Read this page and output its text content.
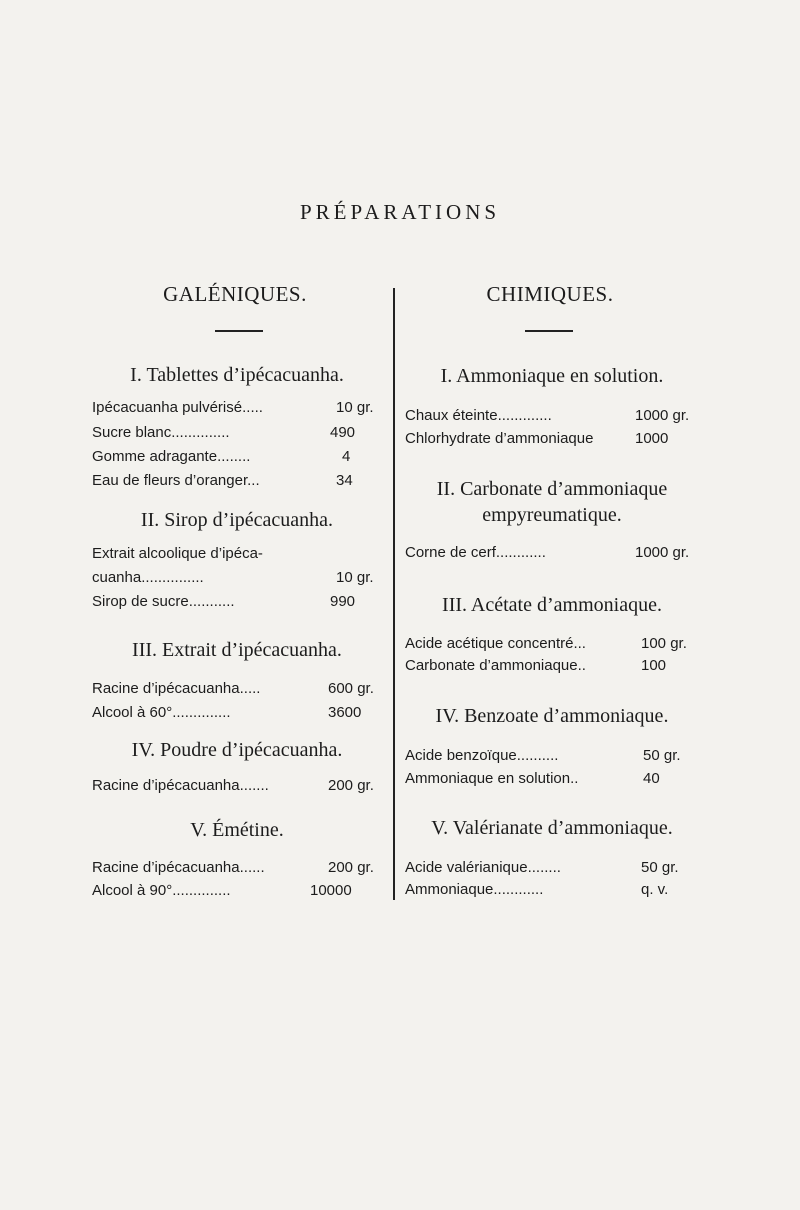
PRÉPARATIONS
GALÉNIQUES.	CHIMIQUES.
I. Tablettes d’ipécacuanha.
Ipécacuanha pulvérisé.....	10 gr.
Sucre blanc..............	490
Gomme adragante........	4
Eau de fleurs d’oranger...	34
II. Sirop d’ipécacuanha.
Extrait alcoolique d’ipéca-
cuanha...............	10 gr.
Sirop de sucre...........	990
III. Extrait d’ipécacuanha.
Racine d’ipécacuanha.....	600 gr.
Alcool à 60°..............	3600
IV. Poudre d’ipécacuanha.
Racine d’ipécacuanha.......	200 gr.
V. Émétine.
Racine d’ipécacuanha......	200 gr.
Alcool à 90°..............	10000
I. Ammoniaque en solution.
Chaux éteinte.............	1000 gr.
Chlorhydrate d’ammoniaque	1000
II. Carbonate d’ammoniaque
empyreumatique.
Corne de cerf............	1000 gr.
III. Acétate d’ammoniaque.
Acide acétique concentré...	100 gr.
Carbonate d’ammoniaque..	100
IV. Benzoate d’ammoniaque.
Acide benzoïque..........	50 gr.
Ammoniaque en solution..	40
V. Valérianate d’ammoniaque.
Acide valérianique........	50 gr.
Ammoniaque............	q. v.
